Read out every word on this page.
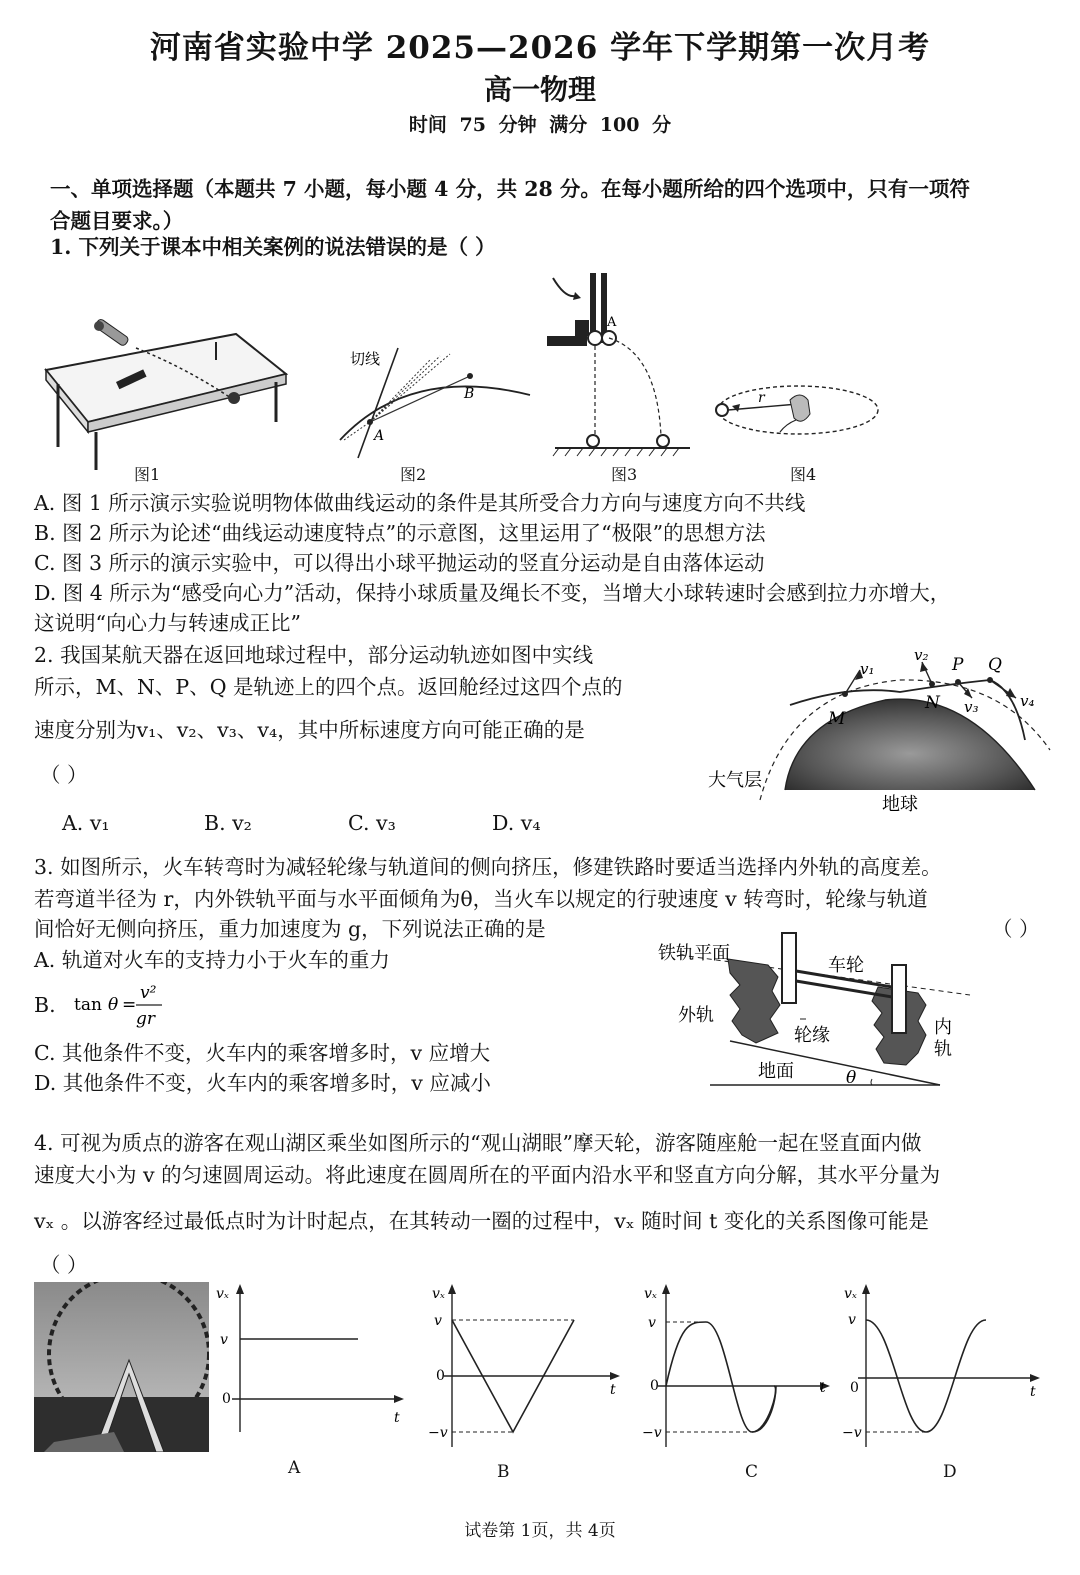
河南省实验中学 2025—2026 学年下学期第一次月考
高一物理
时间 75 分钟 满分 100 分
一、单项选择题（本题共 7 小题，每小题 4 分，共 28 分。在每小题所给的四个选项中，只有一项符
合题目要求。）
1. 下列关于课本中相关案例的说法错误的是（ ）
图1
切线
A
B
图2
A
图3
r
图4
A. 图 1 所示演示实验说明物体做曲线运动的条件是其所受合力方向与速度方向不共线
B. 图 2 所示为论述“曲线运动速度特点”的示意图，这里运用了“极限”的思想方法
C. 图 3 所示的演示实验中，可以得出小球平抛运动的竖直分运动是自由落体运动
D. 图 4 所示为“感受向心力”活动，保持小球质量及绳长不变，当增大小球转速时会感到拉力亦增大，
这说明“向心力与转速成正比”
2. 我国某航天器在返回地球过程中，部分运动轨迹如图中实线
所示，M、N、P、Q 是轨迹上的四个点。返回舱经过这四个点的
速度分别为v₁、v₂、v₃、v₄，其中所标速度方向可能正确的是
（ ）
A. v₁	B. v₂	C. v₃	D. v₄
M
N
P Q
v₁
v₂
v₃	v₄
大气层
地球
3. 如图所示，火车转弯时为减轻轮缘与轨道间的侧向挤压，修建铁路时要适当选择内外轨的高度差。
若弯道半径为 r，内外铁轨平面与水平面倾角为θ，当火车以规定的行驶速度 v 转弯时，轮缘与轨道
间恰好无侧向挤压，重力加速度为 g，下列说法正确的是	（ ）
A. 轨道对火车的支持力小于火车的重力
B. tan θ =
v²
gr
C. 其他条件不变，火车内的乘客增多时，v 应增大
D. 其他条件不变，火车内的乘客增多时，v 应减小
铁轨平面
车轮
外轨
轮缘	内
轨
地面	θ
4. 可视为质点的游客在观山湖区乘坐如图所示的“观山湖眼”摩天轮，游客随座舱一起在竖直面内做
速度大小为 v 的匀速圆周运动。将此速度在圆周所在的平面内沿水平和竖直方向分解，其水平分量为
vₓ 。以游客经过最低点时为计时起点，在其转动一圈的过程中，vₓ 随时间 t 变化的关系图像可能是
（ ）
vₓ
v
0
t
A
vₓ
v
0
−v
t
B
vₓ
v
0
−v
t
C
vₓ
v
0
−v
t
D
试卷第 1页，共 4页
